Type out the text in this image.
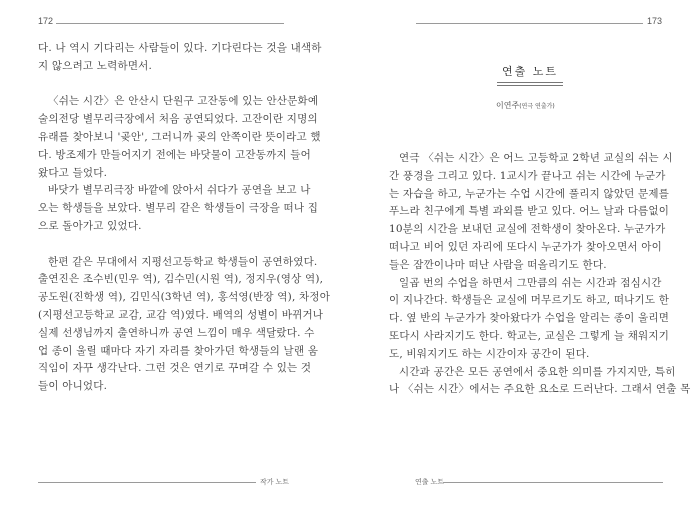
172
다. 나 역시 기다리는 사람들이 있다. 기다린다는 것을 내색하
지 않으려고 노력하면서.
〈쉬는 시간〉은 안산시 단원구 고잔동에 있는 안산문화예
술의전당 별무리극장에서 처음 공연되었다. 고잔이란 지명의
유래를 찾아보니 '곶안', 그러니까 곶의 안쪽이란 뜻이라고 했
다. 방조제가 만들어지기 전에는 바닷물이 고잔동까지 들어
왔다고 들었다.
바닷가 별무리극장 바깥에 앉아서 쉬다가 공연을 보고 나
오는 학생들을 보았다. 별무리 같은 학생들이 극장을 떠나 집
으로 돌아가고 있었다.
한편 같은 무대에서 지평선고등학교 학생들이 공연하였다.
출연진은 조수빈(민우 역), 김수민(시원 역), 정지우(영상 역),
공도원(진학생 역), 김민식(3학년 역), 홍석영(반장 역), 차정아
(지평선고등학교 교감, 교감 역)였다. 배역의 성별이 바뀌거나
실제 선생님까지 출연하니까 공연 느낌이 매우 색달랐다. 수
업 종이 울릴 때마다 자기 자리를 찾아가던 학생들의 날랜 움
직임이 자꾸 생각난다. 그런 것은 연기로 꾸며갈 수 있는 것
들이 아니었다.
작가 노트
173
연출 노트
연출 노트
이연주(연극 연출가)
연극 〈쉬는 시간〉은 어느 고등학교 2학년 교실의 쉬는 시
간 풍경을 그리고 있다. 1교시가 끝나고 쉬는 시간에 누군가
는 자습을 하고, 누군가는 수업 시간에 풀리지 않았던 문제를
푸느라 친구에게 특별 과외를 받고 있다. 어느 날과 다름없이
10분의 시간을 보내던 교실에 전학생이 찾아온다. 누군가가
떠나고 비어 있던 자리에 또다시 누군가가 찾아오면서 아이
들은 잠깐이나마 떠난 사람을 떠올리기도 한다.
일곱 번의 수업을 하면서 그만큼의 쉬는 시간과 점심시간
이 지나간다. 학생들은 교실에 머무르기도 하고, 떠나기도 한
다. 옆 반의 누군가가 찾아왔다가 수업을 알리는 종이 울리면
또다시 사라지기도 한다. 학교는, 교실은 그렇게 늘 채워지기
도, 비워지기도 하는 시간이자 공간이 된다.
시간과 공간은 모든 공연에서 중요한 의미를 가지지만, 특히
나 〈쉬는 시간〉에서는 주요한 요소로 드러난다. 그래서 연출 목
